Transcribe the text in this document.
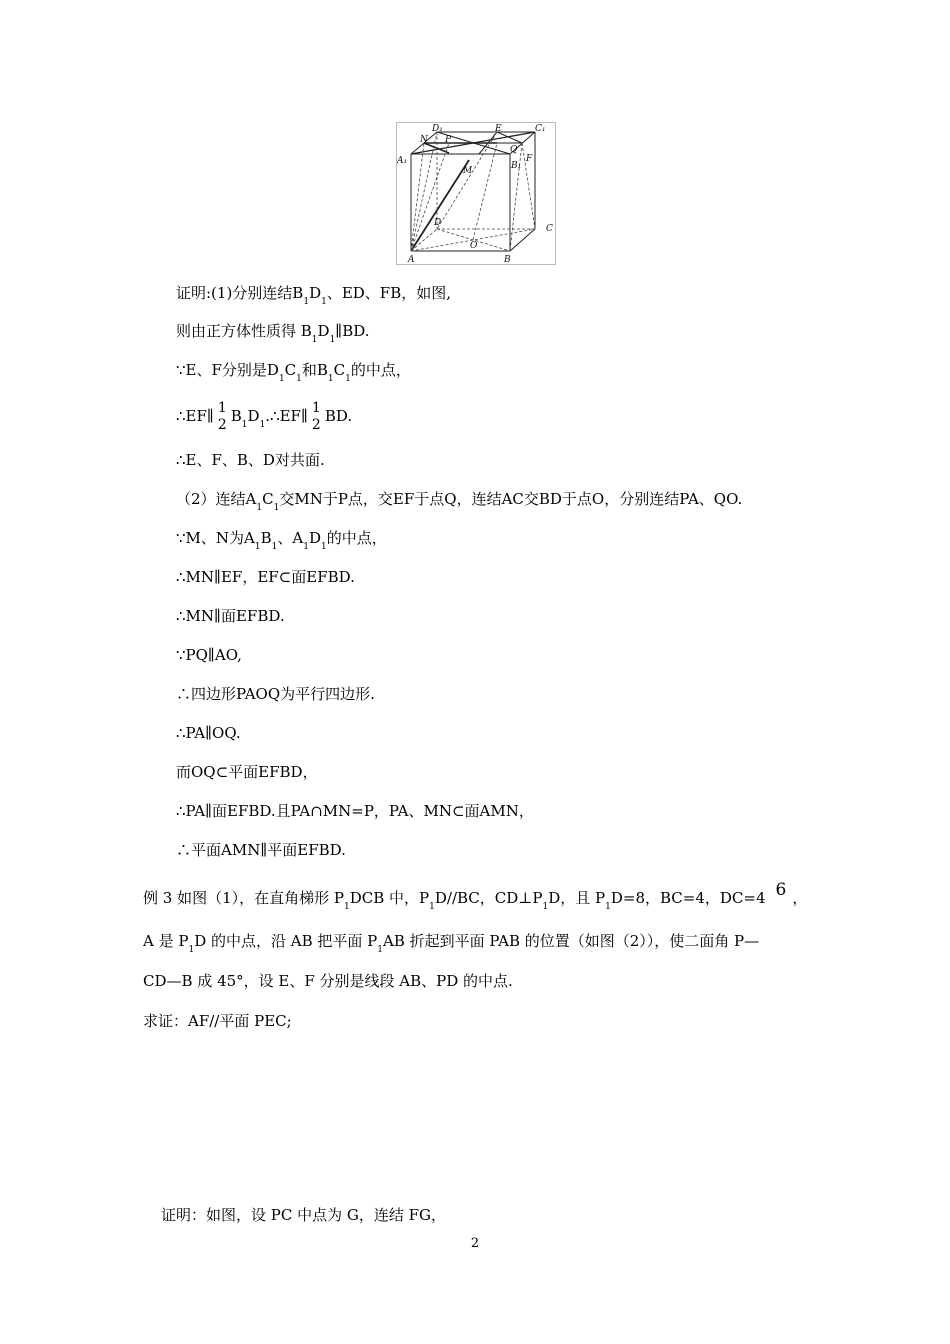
D₁	E	C₁
N P
Q
F
A₁
M	B₁
D
C
O
A	B
证明:(1)分别连结$B_1D_1$、ED、FB，如图,
则由正方体性质得 $B_1D_1\parallel BD$.
∵E、F分别是$D_1C_1$和$B_1C_1$的中点，
∴EF∥ 1
2 $B_1D_1.\therefore EF\parallel$ 1
2 BD.
∴E、F、B、D对共面.
（2）连结$A_1C_1$交MN于P点，交EF于点Q，连结AC交BD于点O，分别连结PA、QO.
∵M、N为$A_1B_1$、$A_1D_1$的中点，
∴MN∥EF，EF⊂面EFBD.
∴MN∥面EFBD.
∵PQ∥AO,
∴四边形PAOQ为平行四边形.
∴PA∥OQ.
而OQ⊂平面EFBD，
∴PA∥面EFBD.且PA∩MN=P，PA、MN⊂面AMN，
∴平面AMN∥平面EFBD.
例 3 如图（1），在直角梯形 $P_1DCB$ 中，$P_1D//BC$，$CD\perp P_1D$，且 $P_1D=8$，BC=4，DC=4 6 ，
A 是 $P_1D$ 的中点，沿 AB 把平面 $P_1AB$ 折起到平面 PAB 的位置（如图（2）），使二面角 P—
CD—B 成 45°，设 E、F 分别是线段 AB、PD 的中点.
求证：AF//平面 PEC;
证明：如图，设 PC 中点为 G，连结 FG，
2
